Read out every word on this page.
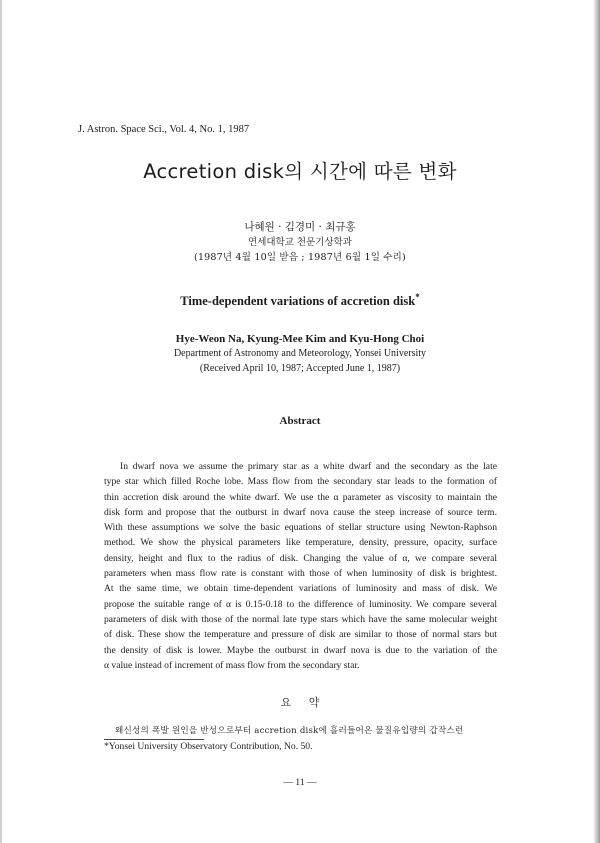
J. Astron. Space Sci., Vol. 4, No. 1, 1987
Accretion disk의 시간에 따른 변화
나혜원 · 김경미 · 최규홍
연세대학교 천문기상학과
(1987년 4월 10일 받음 ; 1987년 6월 1일 수리)
Time-dependent variations of accretion disk*
Hye-Weon Na, Kyung-Mee Kim and Kyu-Hong Choi
Department of Astronomy and Meteorology, Yonsei University
(Received April 10, 1987; Accepted June 1, 1987)
Abstract
In dwarf nova we assume the primary star as a white dwarf and the secondary as the late
type star which filled Roche lobe. Mass flow from the secondary star leads to the formation of
thin accretion disk around the white dwarf. We use the α parameter as viscosity to maintain the
disk form and propose that the outburst in dwarf nova cause the steep increase of source term.
With these assumptions we solve the basic equations of stellar structure using Newton-Raphson
method. We show the physical parameters like temperature, density, pressure, opacity, surface
density, height and flux to the radius of disk. Changing the value of α, we compare several
parameters when mass flow rate is constant with those of when luminosity of disk is brightest.
At the same time, we obtain time-dependent variations of luminosity and mass of disk. We
propose the suitable range of α is 0.15-0.18 to the difference of luminosity. We compare several
parameters of disk with those of the normal late type stars which have the same molecular weight
of disk. These show the temperature and pressure of disk are similar to those of normal stars but
the density of disk is lower. Maybe the outburst in dwarf nova is due to the variation of the
α value instead of increment of mass flow from the secondary star.
요 약
왜신성의 폭발 원인을 반성으로부터 accretion disk에 흘러들어온 물질유입량의 갑작스런
*Yonsei University Observatory Contribution, No. 50.
— 11 —
